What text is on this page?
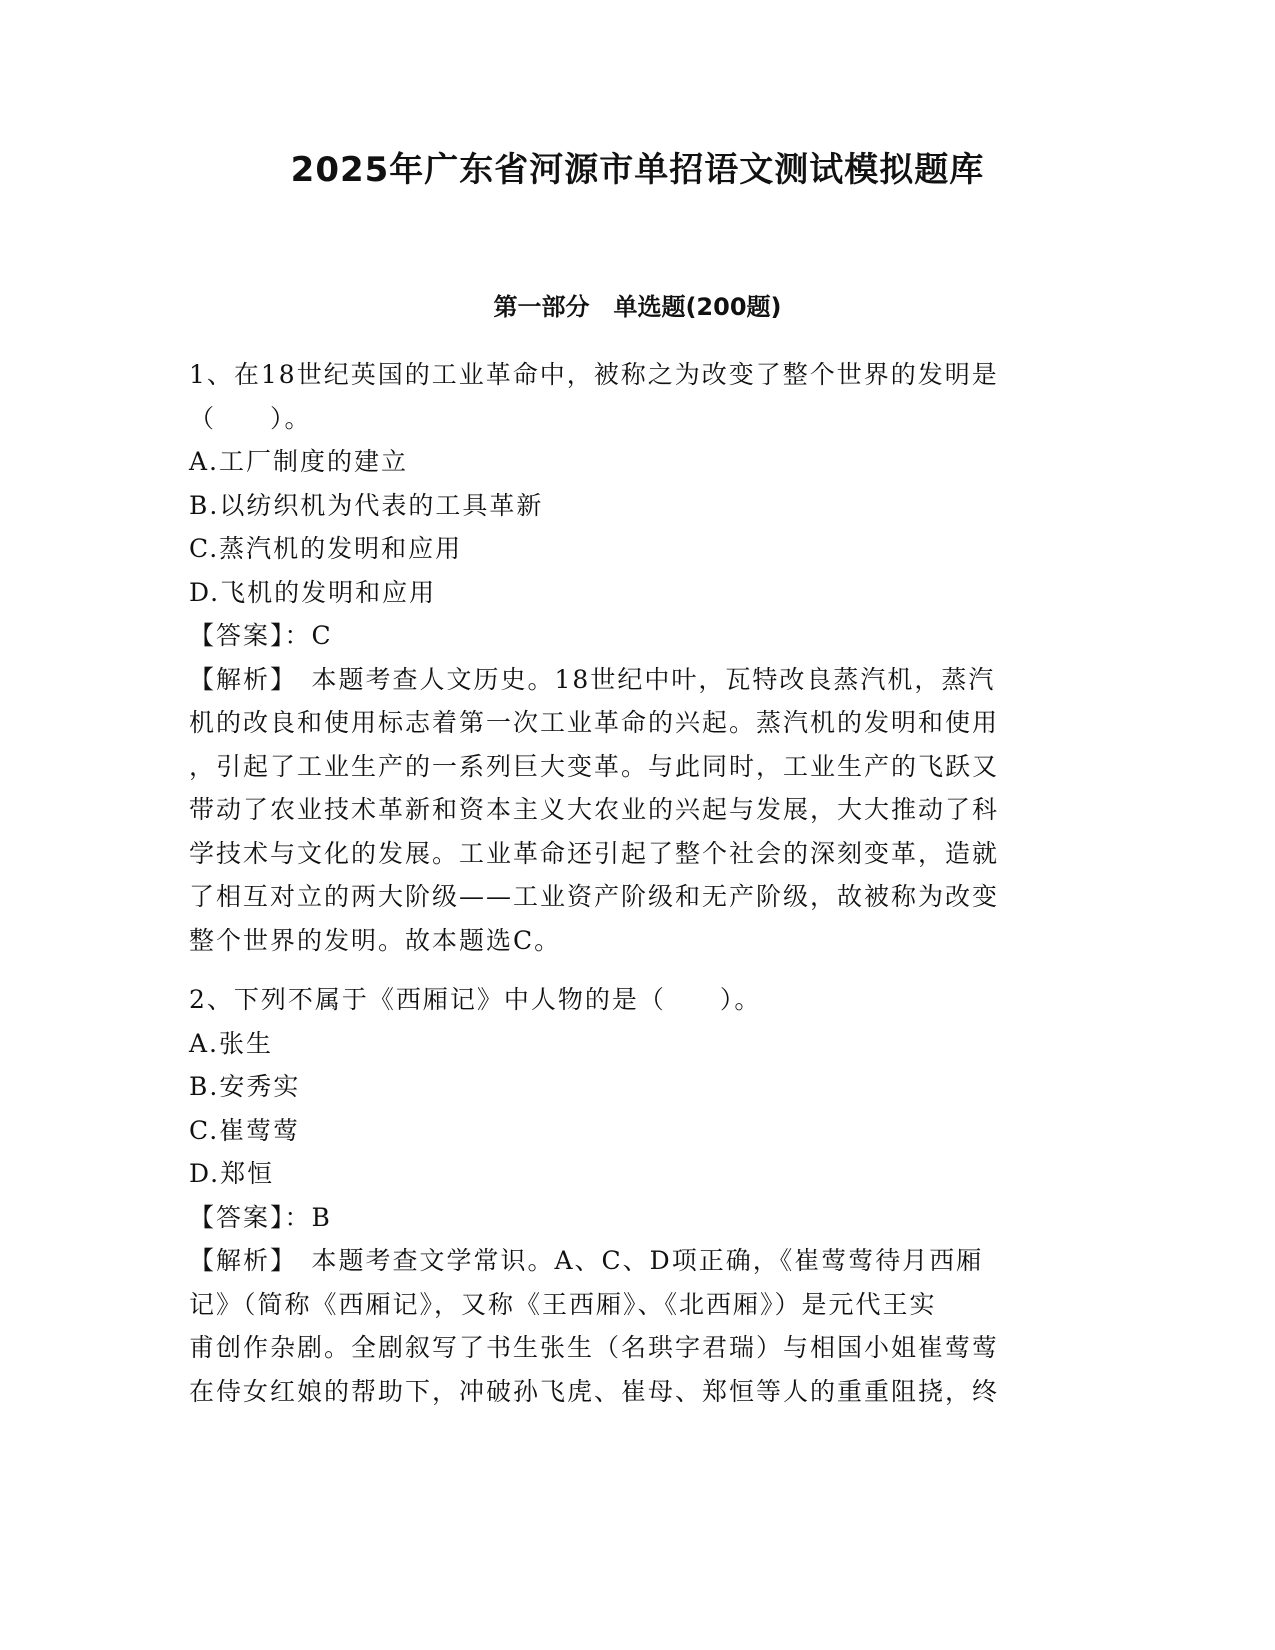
2025年广东省河源市单招语文测试模拟题库
第一部分　单选题(200题)
1、在18世纪英国的工业革命中，被称之为改变了整个世界的发明是
（　　）。
A.工厂制度的建立
B.以纺织机为代表的工具革新
C.蒸汽机的发明和应用
D.飞机的发明和应用
【答案】：C
【解析】　本题考查人文历史。18世纪中叶，瓦特改良蒸汽机，蒸汽
机的改良和使用标志着第一次工业革命的兴起。蒸汽机的发明和使用
，引起了工业生产的一系列巨大变革。与此同时，工业生产的飞跃又
带动了农业技术革新和资本主义大农业的兴起与发展，大大推动了科
学技术与文化的发展。工业革命还引起了整个社会的深刻变革，造就
了相互对立的两大阶级——工业资产阶级和无产阶级，故被称为改变
整个世界的发明。故本题选C。
2、下列不属于《西厢记》中人物的是（　　）。
A.张生
B.安秀实
C.崔莺莺
D.郑恒
【答案】：B
【解析】　本题考查文学常识。A、C、D项正确，《崔莺莺待月西厢
记》（简称《西厢记》，又称《王西厢》、《北西厢》）是元代王实
甫创作杂剧。全剧叙写了书生张生（名珙字君瑞）与相国小姐崔莺莺
在侍女红娘的帮助下，冲破孙飞虎、崔母、郑恒等人的重重阻挠，终
